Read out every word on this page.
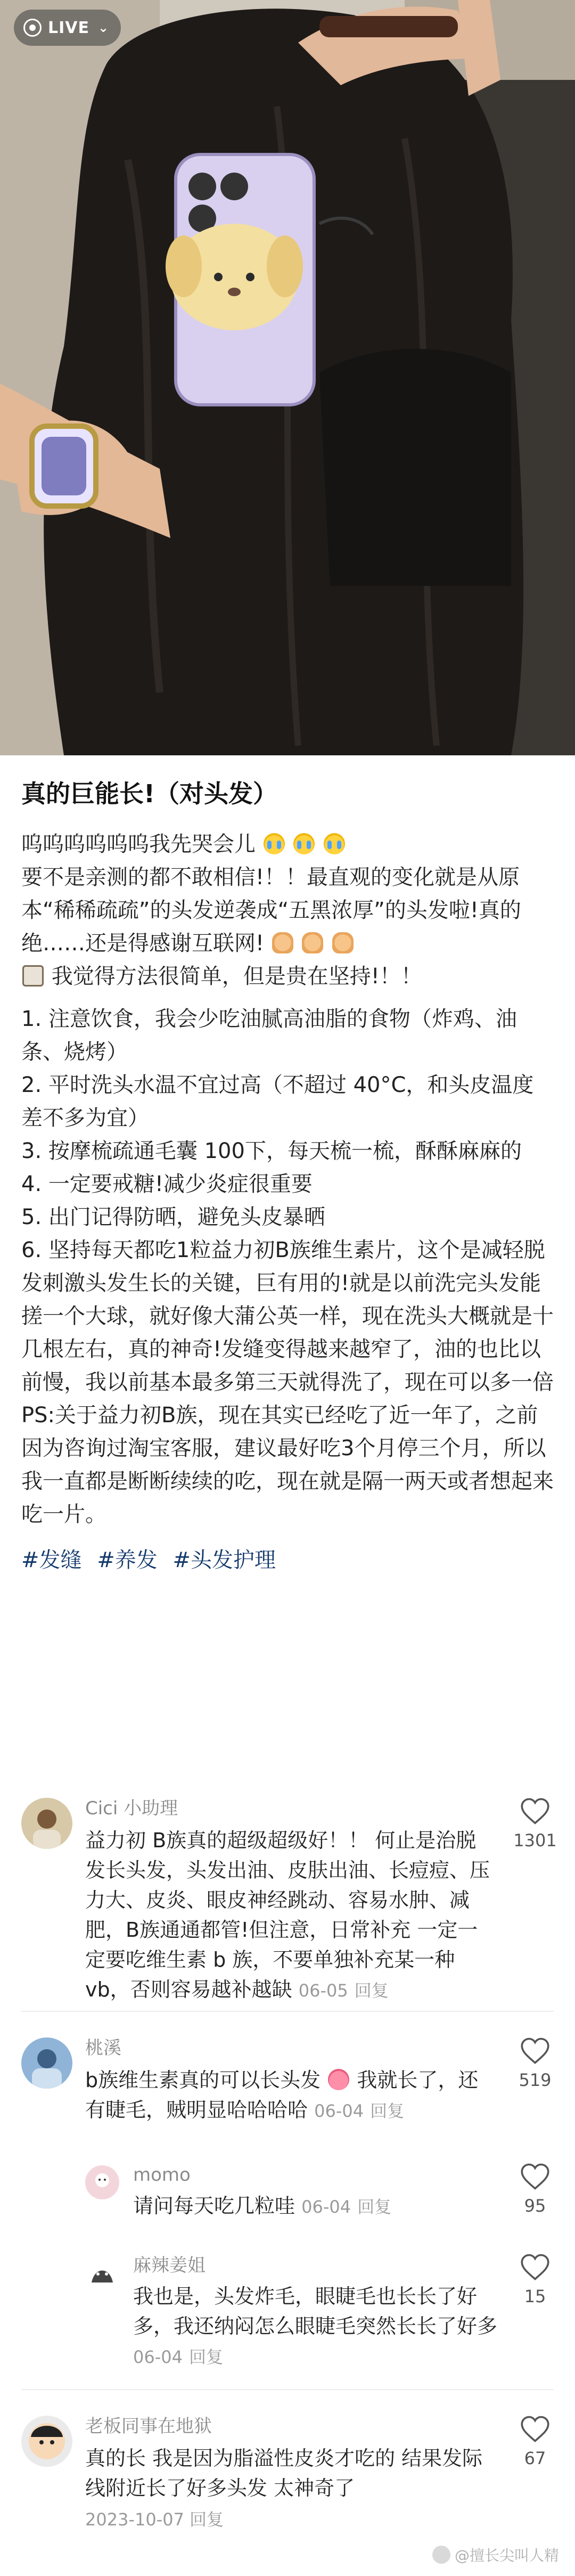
LIVE ⌄
真的巨能长!（对头发）
呜呜呜呜呜呜我先哭会儿
要不是亲测的都不敢相信!！！最直观的变化就是从原本“稀稀疏疏”的头发逆袭成“五黑浓厚”的头发啦!真的绝……还是得感谢互联网!
我觉得方法很简单，但是贵在坚持!！！
1. 注意饮食，我会少吃油腻高油脂的食物（炸鸡、油条、烧烤）
2. 平时洗头水温不宜过高（不超过 40°C，和头皮温度差不多为宜）
3. 按摩梳疏通毛囊 100下，每天梳一梳，酥酥麻麻的
4. 一定要戒糖!减少炎症很重要
5. 出门记得防晒，避免头皮暴晒
6. 坚持每天都吃1粒益力初B族维生素片，这个是减轻脱发刺激头发生长的关键，巨有用的!就是以前洗完头发能搓一个大球，就好像大蒲公英一样，现在洗头大概就是十几根左右，真的神奇!发缝变得越来越窄了，油的也比以前慢，我以前基本最多第三天就得洗了，现在可以多一倍
PS:关于益力初B族，现在其实已经吃了近一年了，之前因为咨询过淘宝客服，建议最好吃3个月停三个月，所以我一直都是断断续续的吃，现在就是隔一两天或者想起来吃一片。
#发缝 #养发 #头发护理
Cici 小助理
益力初 B族真的超级超级好！！ 何止是治脱发长头发，头发出油、皮肤出油、长痘痘、压力大、皮炎、眼皮神经跳动、容易水肿、减肥，B族通通都管!但注意，日常补充 一定一定要吃维生素 b 族，不要单独补充某一种 vb，否则容易越补越缺 06-05 回复
1301
桃溪
b族维生素真的可以长头发 我就长了，还有睫毛，贼明显哈哈哈哈 06-04 回复
519
momo
请问每天吃几粒哇 06-04 回复	95
麻辣姜姐
我也是，头发炸毛，眼睫毛也长长了好多，我还纳闷怎么眼睫毛突然长长了好多 06-04 回复
15
老板同事在地狱
真的长 我是因为脂溢性皮炎才吃的 结果发际线附近长了好多头发 太神奇了
2023-10-07 回复
67
@擅长尖叫人精
